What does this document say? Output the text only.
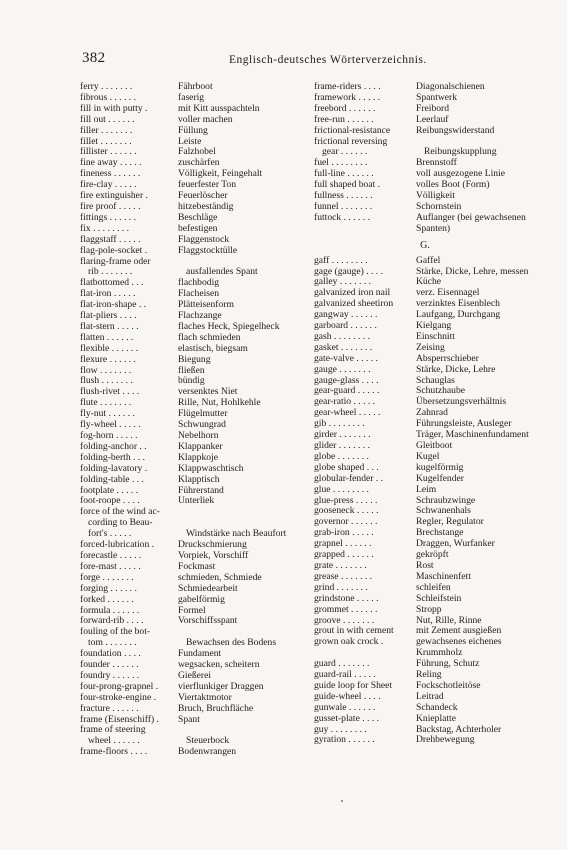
382	Englisch-deutsches Wörterverzeichnis.
ferry . . . . . . .	Fährboot
fibrous . . . . . .	faserig
fill in with putty .	mit Kitt ausspachteln
fill out . . . . . .	voller machen
filler . . . . . . .	Füllung
fillet . . . . . . .	Leiste
fillister . . . . . .	Falzhobel
fine away . . . . .	zuschärfen
fineness . . . . . .	Völligkeit, Feingehalt
fire-clay . . . . .	feuerfester Ton
fire extinguisher .	Feuerlöscher
fire proof . . . . .	hitzebeständig
fittings . . . . . .	Beschläge
fix . . . . . . . .	befestigen
flaggstaff . . . . .	Flaggenstock
flag-pole-socket .	Flaggstocktülle
flaring-frame oder
rib . . . . . . .	ausfallendes Spant
flatbottomed . . .	flachbodig
flat-iron . . . . .	Flacheisen
flat-iron-shape . .	Plätteisenform
flat-pliers . . . .	Flachzange
flat-stern . . . . .	flaches Heck, Spiegelheck
flatten . . . . . .	flach schmieden
flexible . . . . . .	elastisch, biegsam
flexure . . . . . .	Biegung
flow . . . . . . .	fließen
flush . . . . . . .	bündig
flush-rivet . . . .	versenktes Niet
flute . . . . . . .	Rille, Nut, Hohlkehle
fly-nut . . . . . .	Flügelmutter
fly-wheel . . . . .	Schwungrad
fog-horn . . . . .	Nebelhorn
folding-anchor . .	Klappanker
folding-berth . . .	Klappkoje
folding-lavatory .	Klappwaschtisch
folding-table . . .	Klapptisch
footplate . . . . .	Führerstand
foot-roope . . . .	Unterliek
force of the wind ac-
cording to Beau-
fort's . . . . .	Windstärke nach Beaufort
forced-lubrication .	Druckschmierung
forecastle . . . . .	Vorpiek, Vorschiff
fore-mast . . . . .	Fockmast
forge . . . . . . .	schmieden, Schmiede
forging . . . . . .	Schmiedearbeit
forked . . . . . .	gabelförmig
formula . . . . . .	Formel
forward-rib . . . .	Vorschiffsspant
fouling of the bot-
tom . . . . . . .	Bewachsen des Bodens
foundation . . . .	Fundament
founder . . . . . .	wegsacken, scheitern
foundry . . . . . .	Gießerei
four-prong-grapnel .	vierflunkiger Draggen
four-stroke-engine .	Viertaktmotor
fracture . . . . . .	Bruch, Bruchfläche
frame (Eisenschiff) .	Spant
frame of steering
wheel . . . . . .	Steuerbock
frame-floors . . . .	Bodenwrangen
frame-riders . . . .	Diagonalschienen
framework . . . . .	Spantwerk
freebord . . . . . .	Freibord
free-run . . . . . .	Leerlauf
frictional-resistance	Reibungswiderstand
frictional reversing
gear . . . . . .	Reibungskupplung
fuel . . . . . . . .	Brennstoff
full-line . . . . . .	voll ausgezogene Linie
full shaped boat .	volles Boot (Form)
fullness . . . . . .	Völligkeit
funnel . . . . . . .	Schornstein
futtock . . . . . .	Auflanger (bei gewachsenen Spanten)
G.
gaff . . . . . . . .	Gaffel
gage (gauge) . . . .	Stärke, Dicke, Lehre, messen
galley . . . . . . .	Küche
galvanized iron nail	verz. Eisennagel
galvanized sheetiron	verzinktes Eisenblech
gangway . . . . . .	Laufgang, Durchgang
garboard . . . . . .	Kielgang
gash . . . . . . . .	Einschnitt
gasket . . . . . . .	Zeising
gate-valve . . . . .	Absperrschieber
gauge . . . . . . .	Stärke, Dicke, Lehre
gauge-glass . . . .	Schauglas
gear-guard . . . . .	Schutzhaube
gear-ratio . . . . .	Übersetzungsverhältnis
gear-wheel . . . . .	Zahnrad
gib . . . . . . . .	Führungsleiste, Ausleger
girder . . . . . . .	Träger, Maschinenfundament
glider . . . . . . .	Gleitboot
globe . . . . . . .	Kugel
globe shaped . . .	kugelförmig
globular-fender . .	Kugelfender
glue . . . . . . . .	Leim
glue-press . . . . .	Schraubzwinge
gooseneck . . . . .	Schwanenhals
governor . . . . . .	Regler, Regulator
grab-iron . . . . .	Brechstange
grapnel . . . . . .	Draggen, Wurfanker
grapped . . . . . .	gekröpft
grate . . . . . . .	Rost
grease . . . . . . .	Maschinenfett
grind . . . . . . .	schleifen
grindstone . . . . .	Schleifstein
grommet . . . . . .	Stropp
groove . . . . . . .	Nut, Rille, Rinne
grout in with cement	mit Zement ausgießen
grown oak crock .	gewachsenes eichenes Krummholz
guard . . . . . . .	Führung, Schutz
guard-rail . . . . .	Reling
guide loop for Sheet	Fockschotleitöse
guide-wheel . . . .	Leitrad
gunwale . . . . . .	Schandeck
gusset-plate . . . .	Knieplatte
guy . . . . . . . .	Backstag, Achterholer
gyration . . . . . .	Drehbewegung
